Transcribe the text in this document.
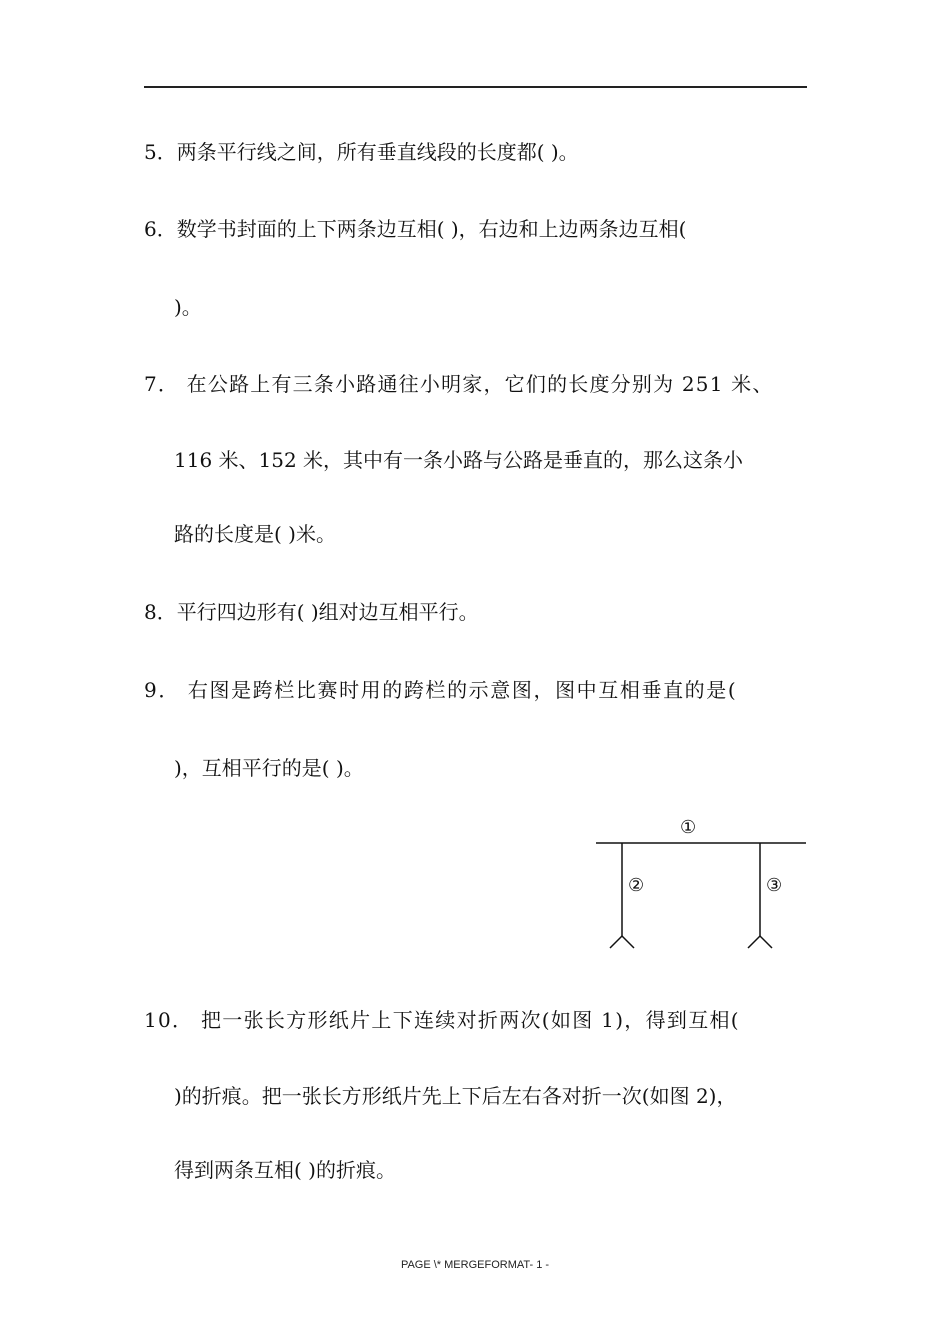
5．两条平行线之间，所有垂直线段的长度都( )。
6．数学书封面的上下两条边互相( )，右边和上边两条边互相(
)。
7． 在公路上有三条小路通往小明家，它们的长度分别为 251 米、
116 米、152 米，其中有一条小路与公路是垂直的，那么这条小
路的长度是( )米。
8．平行四边形有( )组对边互相平行。
9． 右图是跨栏比赛时用的跨栏的示意图，图中互相垂直的是(
)，互相平行的是( )。
①
②	③
10． 把一张长方形纸片上下连续对折两次(如图 1)，得到互相(
)的折痕。把一张长方形纸片先上下后左右各对折一次(如图 2)，
得到两条互相( )的折痕。
PAGE \* MERGEFORMAT- 1 -
